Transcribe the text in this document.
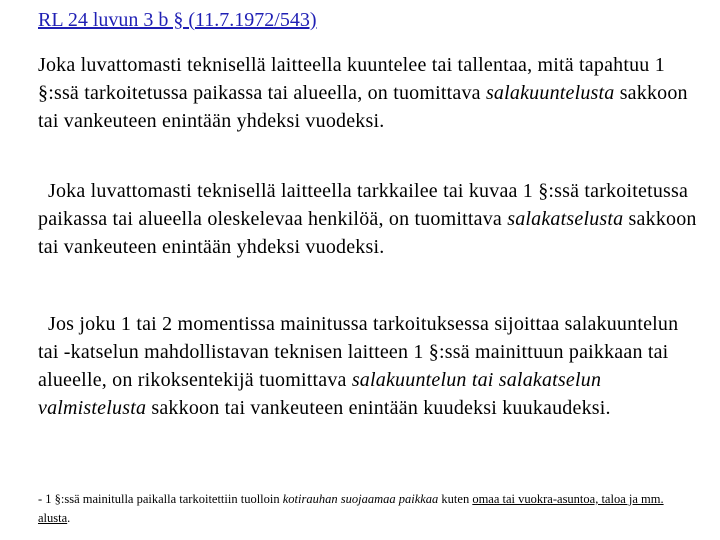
RL 24 luvun 3 b § (11.7.1972/543)
Joka luvattomasti teknisellä laitteella kuuntelee tai tallentaa, mitä tapahtuu 1 §:ssä tarkoitetussa paikassa tai alueella, on tuomittava salakuuntelusta sakkoon tai vankeuteen enintään yhdeksi vuodeksi.
Joka luvattomasti teknisellä laitteella tarkkailee tai kuvaa 1 §:ssä tarkoitetussa paikassa tai alueella oleskelevaa henkilöä, on tuomittava salakatselusta sakkoon tai vankeuteen enintään yhdeksi vuodeksi.
Jos joku 1 tai 2 momentissa mainitussa tarkoituksessa sijoittaa salakuuntelun tai -katselun mahdollistavan teknisen laitteen 1 §:ssä mainittuun paikkaan tai alueelle, on rikoksentekijä tuomittava salakuuntelun tai salakatselun valmistelusta sakkoon tai vankeuteen enintään kuudeksi kuukaudeksi.
- 1 §:ssä mainitulla paikalla tarkoitettiin tuolloin kotirauhan suojaamaa paikkaa kuten omaa tai vuokra-asuntoa, taloa ja mm. alusta.
